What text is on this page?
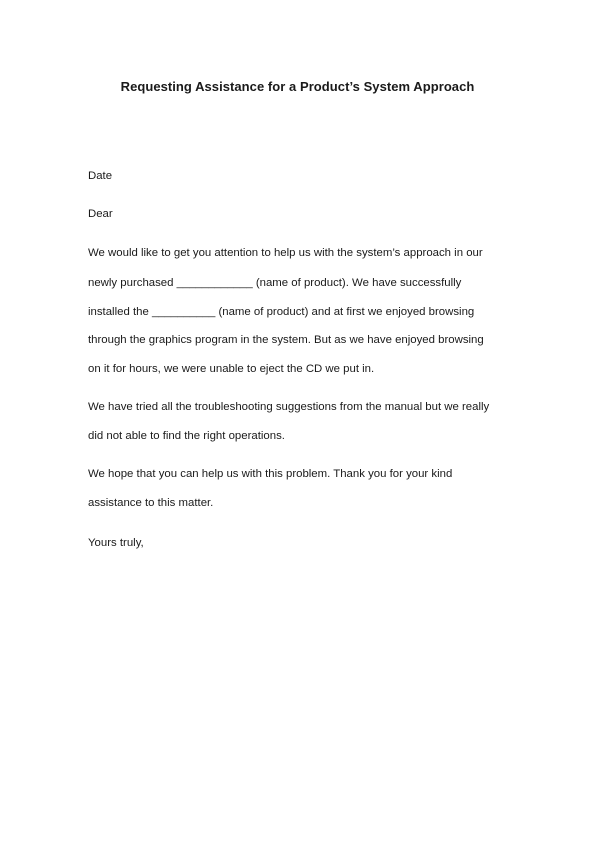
Requesting Assistance for a Product’s System Approach
Date
Dear
We would like to get you attention to help us with the system’s approach in our
newly purchased ____________ (name of product). We have successfully
installed the __________ (name of product) and at first we enjoyed browsing
through the graphics program in the system. But as we have enjoyed browsing
on it for hours, we were unable to eject the CD we put in.
We have tried all the troubleshooting suggestions from the manual but we really
did not able to find the right operations.
We hope that you can help us with this problem. Thank you for your kind
assistance to this matter.
Yours truly,
